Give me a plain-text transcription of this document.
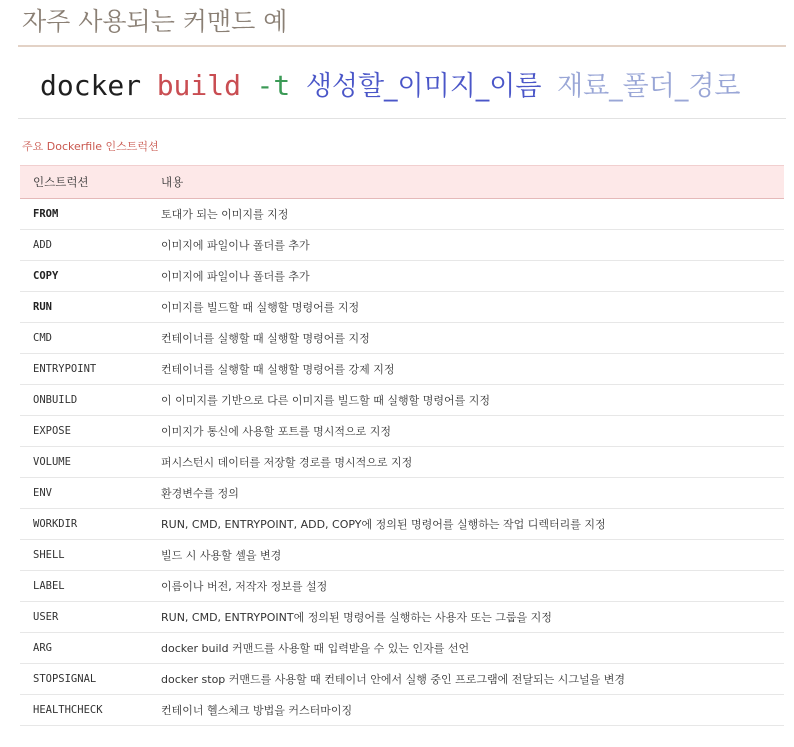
자주 사용되는 커맨드 예
docker build -t 생성할_이미지_이름 재료_폴더_경로
주요 Dockerfile 인스트럭션
인스트럭션	내용
FROM	토대가 되는 이미지를 지정
ADD	이미지에 파일이나 폴더를 추가
COPY	이미지에 파일이나 폴더를 추가
RUN	이미지를 빌드할 때 실행할 명령어를 지정
CMD	컨테이너를 실행할 때 실행할 명령어를 지정
ENTRYPOINT	컨테이너를 실행할 때 실행할 명령어를 강제 지정
ONBUILD	이 이미지를 기반으로 다른 이미지를 빌드할 때 실행할 명령어를 지정
EXPOSE	이미지가 통신에 사용할 포트를 명시적으로 지정
VOLUME	퍼시스턴시 데이터를 저장할 경로를 명시적으로 지정
ENV	환경변수를 정의
WORKDIR	RUN, CMD, ENTRYPOINT, ADD, COPY에 정의된 명령어를 실행하는 작업 디렉터리를 지정
SHELL	빌드 시 사용할 셸을 변경
LABEL	이름이나 버전, 저작자 정보를 설정
USER	RUN, CMD, ENTRYPOINT에 정의된 명령어를 실행하는 사용자 또는 그룹을 지정
ARG	docker build 커맨드를 사용할 때 입력받을 수 있는 인자를 선언
STOPSIGNAL	docker stop 커맨드를 사용할 때 컨테이너 안에서 실행 중인 프로그램에 전달되는 시그널을 변경
HEALTHCHECK	컨테이너 헬스체크 방법을 커스터마이징
